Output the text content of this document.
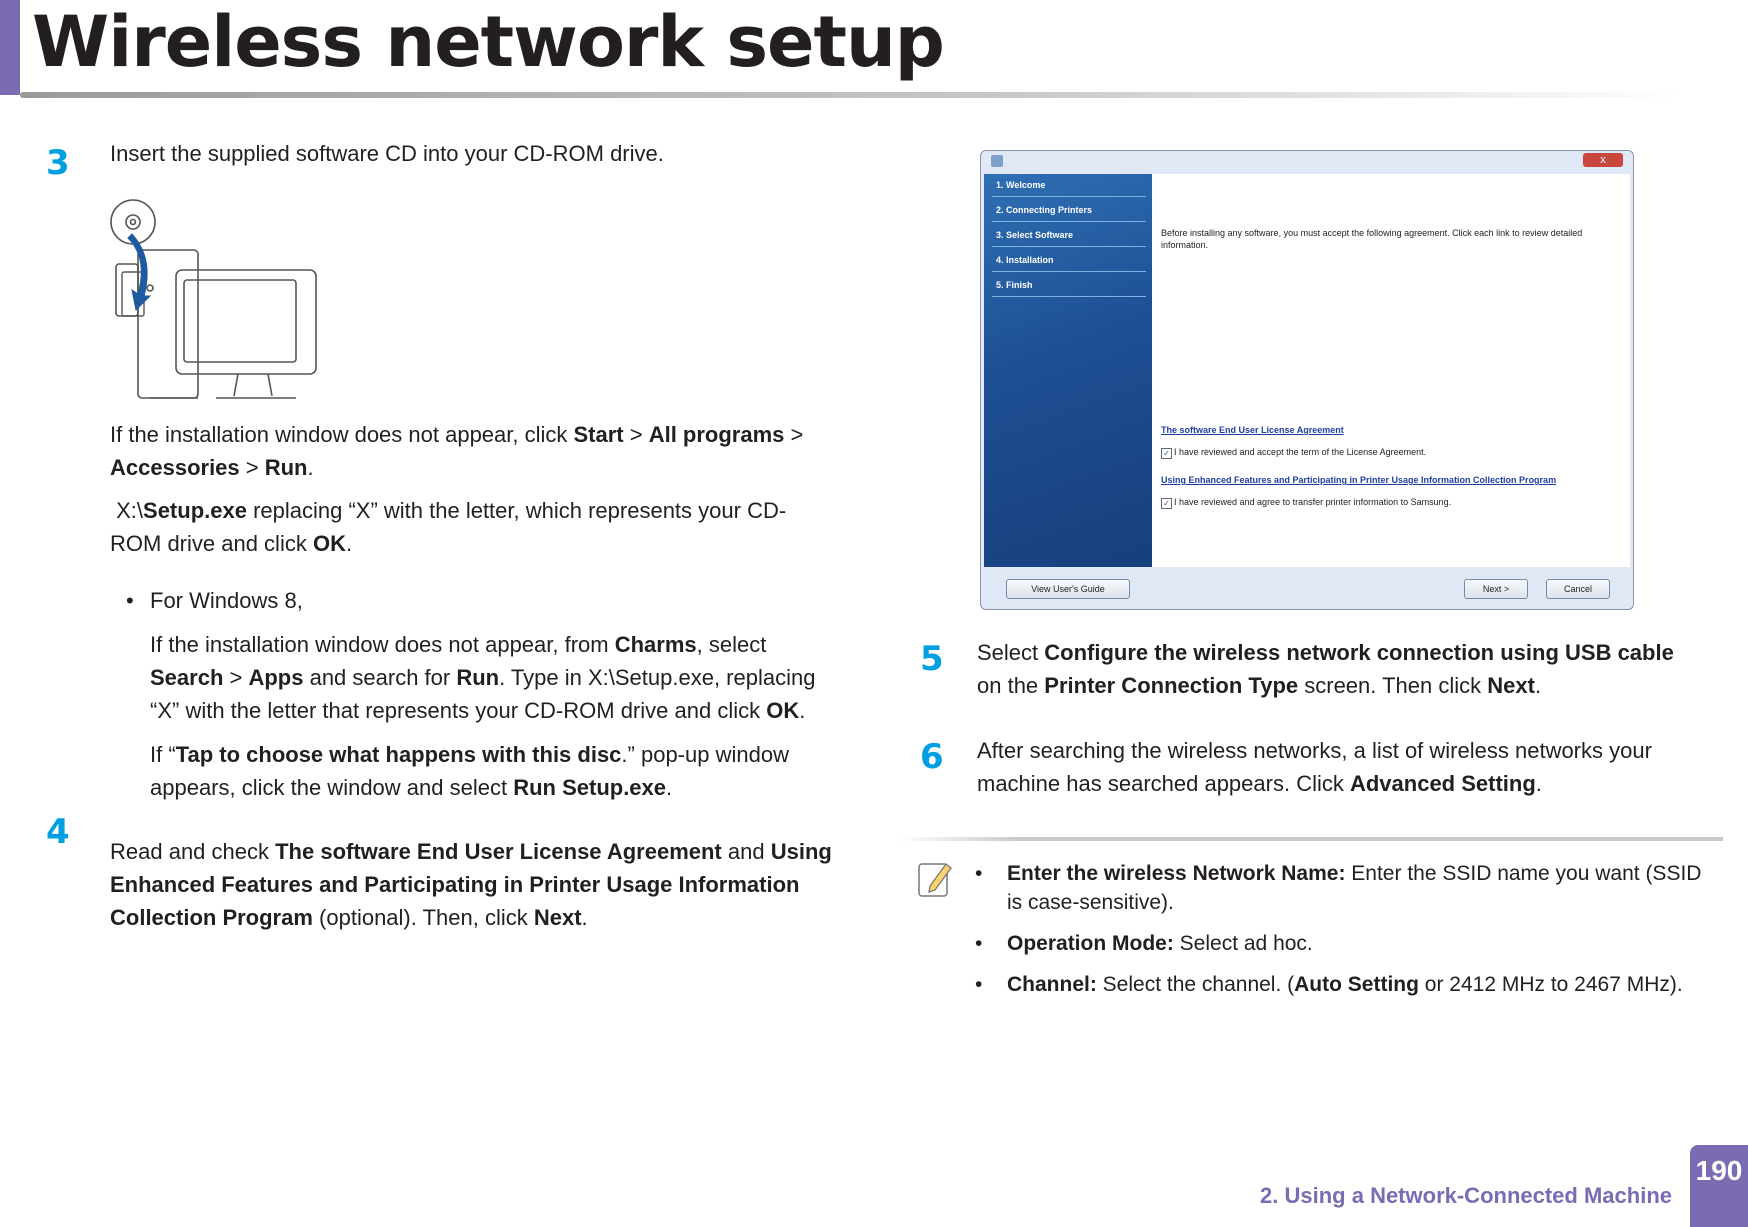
Wireless network setup
3 Insert the supplied software CD into your CD-ROM drive.

If the installation window does not appear, click Start > All programs >
Accessories > Run.

X:\Setup.exe replacing “X” with the letter, which represents your CD-
ROM drive and click OK.

• For Windows 8,

If the installation window does not appear, from Charms, select
Search > Apps and search for Run. Type in X:\Setup.exe, replacing
“X” with the letter that represents your CD-ROM drive and click OK.

If “Tap to choose what happens with this disc.” pop-up window
appears, click the window and select Run Setup.exe.

4 Read and check The software End User License Agreement and Using
Enhanced Features and Participating in Printer Usage Information
Collection Program (optional). Then, click Next.

x
1. Welcome
2. Connecting Printers
3. Select Software
4. Installation
5. Finish
Before installing any software, you must accept the following agreement. Click each link to review detailed information.
The software End User License Agreement
✓ I have reviewed and accept the term of the License Agreement.
Using Enhanced Features and Participating in Printer Usage Information Collection Program
✓ I have reviewed and agree to transfer printer information to Samsung.
View User's Guide	Next >	Cancel
5 Select Configure the wireless network connection using USB cable
on the Printer Connection Type screen. Then click Next.

6 After searching the wireless networks, a list of wireless networks your
machine has searched appears. Click Advanced Setting.

• Enter the wireless Network Name: Enter the SSID name you want (SSID
is case-sensitive).

• Operation Mode: Select ad hoc.

• Channel: Select the channel. (Auto Setting or 2412 MHz to 2467 MHz).

2. Using a Network-Connected Machine
190
